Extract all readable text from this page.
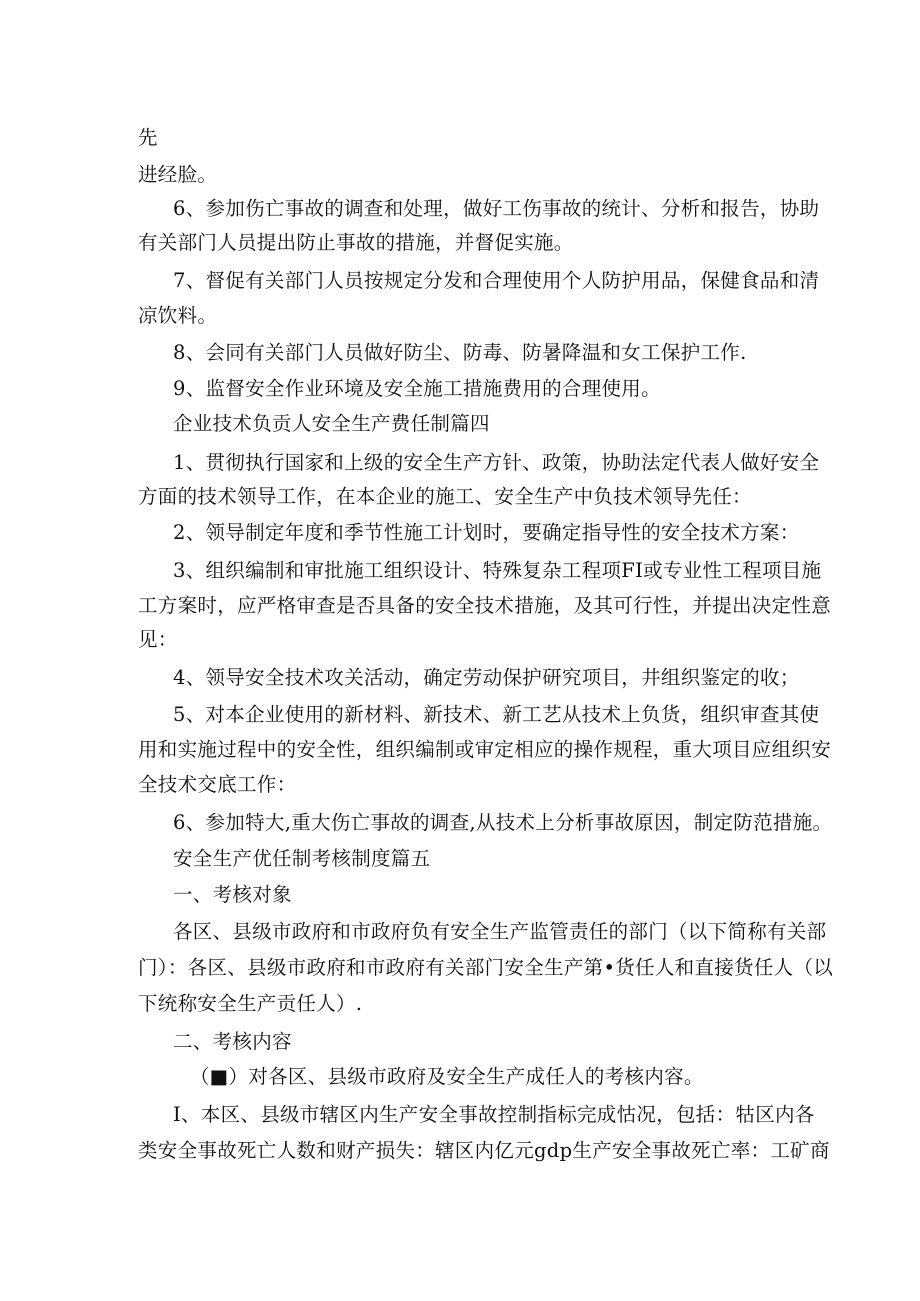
先
进经脸。
6、参加伤亡事故的调查和处理，做好工伤事故的统计、分析和报告，协助
有关部门人员提出防止事故的措施，并督促实施。
7、督促有关部门人员按规定分发和合理使用个人防护用品，保健食品和清
凉饮料。
8、会同有关部门人员做好防尘、防毒、防暑降温和女工保护工作.
9、监督安全作业环境及安全施工措施费用的合理使用。
企业技术负贡人安全生产费任制篇四
1、贯彻执行国家和上级的安全生产方针、政策，协助法定代表人做好安全
方面的技术领导工作，在本企业的施工、安全生产中负技术领导先任：
2、领导制定年度和季节性施工计划时，要确定指导性的安全技术方案：
3、组织编制和审批施工组织设计、特殊复杂工程项FI或专业性工程项目施
工方案时，应严格审查是否具备的安全技术措施，及其可行性，并提出决定性意
见：
4、领导安全技术攻关活动，确定劳动保护研究项目，井组织鉴定的收；
5、对本企业使用的新材料、新技术、新工艺从技术上负货，组织审查其使
用和实施过程中的安全性，组织编制或审定相应的操作规程，重大项目应组织安
全技术交底工作：
6、参加特大,重大伤亡事故的调查,从技术上分析事故原因，制定防范措施。
安全生产优任制考核制度篇五
一、考核对象
各区、县级市政府和市政府负有安全生产监管责任的部门（以下简称有关部
门）：各区、县级市政府和市政府有关部门安全生产第•货任人和直接货任人（以
下统称安全生产贡任人）.
二、考核内容
（■）对各区、县级市政府及安全生产成任人的考核内容。
I、本区、县级市辖区内生产安全事故控制指标完成怙况，包括：牯区内各
类安全事故死亡人数和财产损失：辖区内亿元gdp生产安全事故死亡率：工矿商
